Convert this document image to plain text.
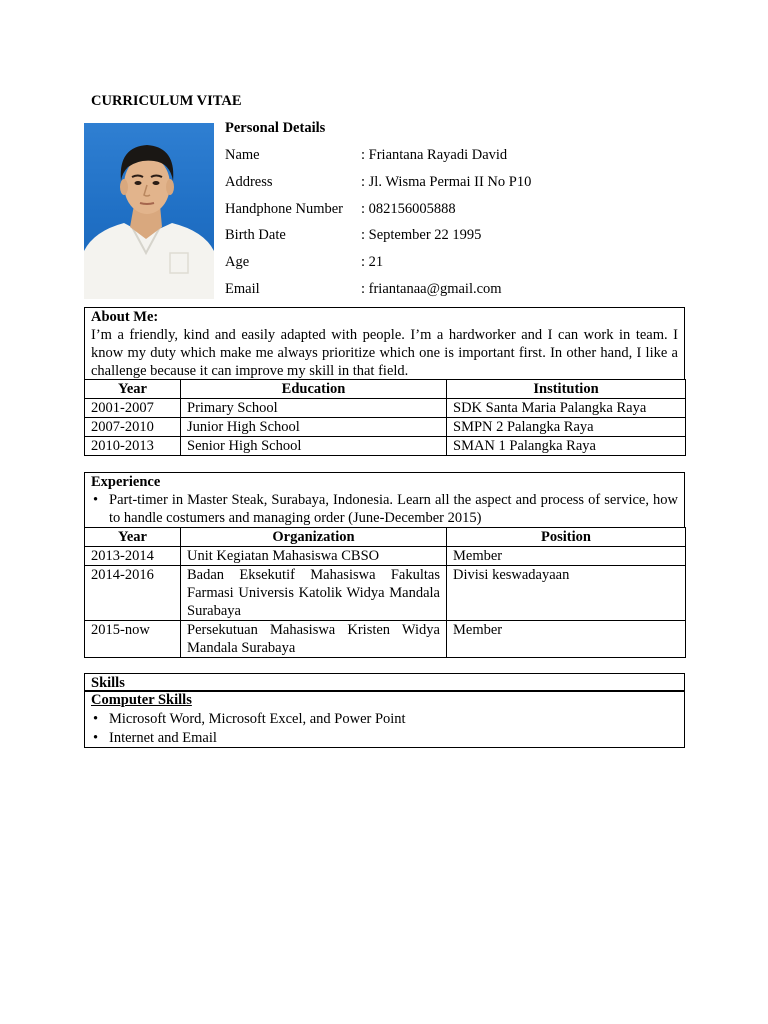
CURRICULUM VITAE
Personal Details
Name	: Friantana Rayadi David
Address	: Jl. Wisma Permai II No P10
Handphone Number : 082156005888
Birth Date	: September 22 1995
Age	: 21
Email	: friantanaa@gmail.com
About Me:
I’m a friendly, kind and easily adapted with people. I’m a hardworker and I can work in team. I know my duty which make me always prioritize which one is important first. In other hand, I like a challenge because it can improve my skill in that field.
Year	Education	Institution
2001-2007	Primary School	SDK Santa Maria Palangka Raya
2007-2010	Junior High School	SMPN 2 Palangka Raya
2010-2013	Senior High School	SMAN 1 Palangka Raya
Experience
• Part-timer in Master Steak, Surabaya, Indonesia. Learn all the aspect and process of service, how to handle costumers and managing order (June-December 2015)
Year	Organization	Position
2013-2014	Unit Kegiatan Mahasiswa CBSO	Member
2014-2016	Badan Eksekutif Mahasiswa Fakultas Farmasi Universis Katolik Widya Mandala Surabaya	Divisi keswadayaan
2015-now	Persekutuan Mahasiswa Kristen Widya Mandala Surabaya	Member
Skills
Computer Skills
• Microsoft Word, Microsoft Excel, and Power Point
• Internet and Email
